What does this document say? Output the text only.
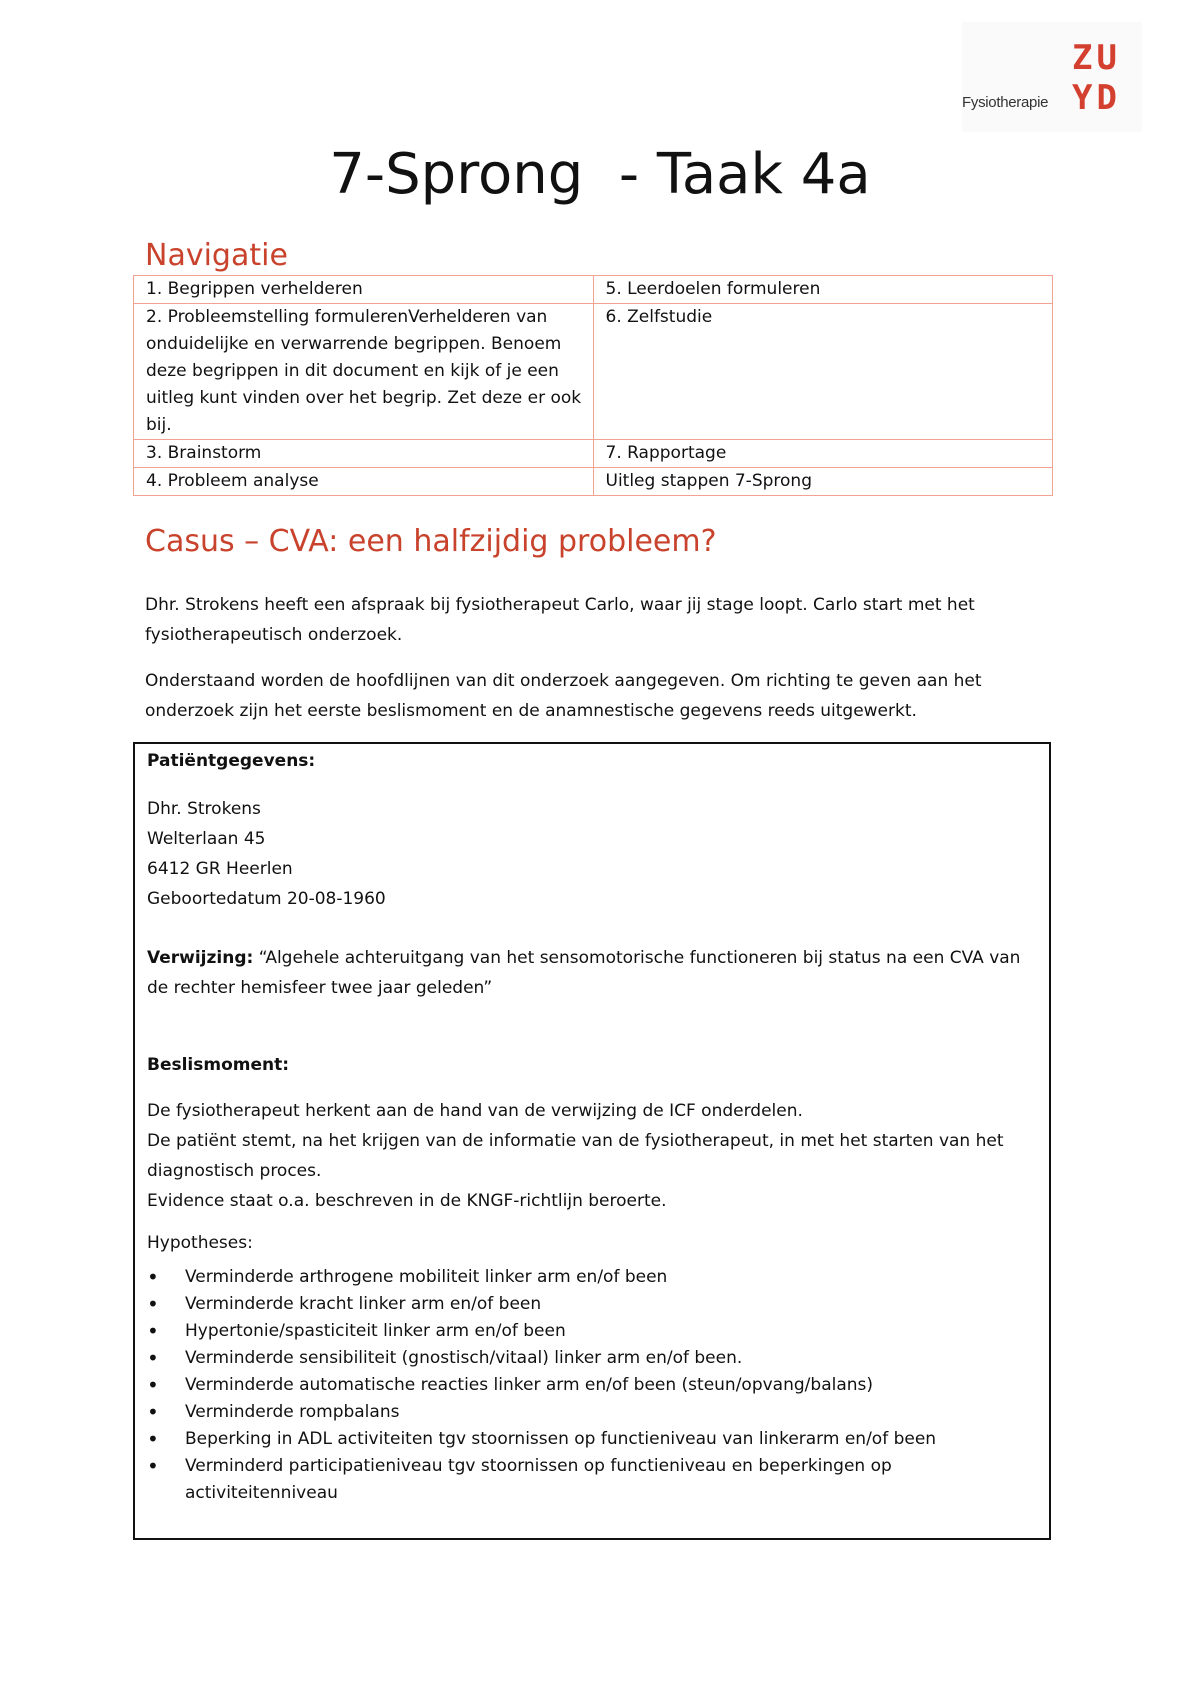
ZU
YD
Fysiotherapie
7-Sprong  - Taak 4a
Navigatie
1. Begrippen verhelderen	5. Leerdoelen formuleren
2. Probleemstelling formulerenVerhelderen van onduidelijke en verwarrende begrippen. Benoem deze begrippen in dit document en kijk of je een uitleg kunt vinden over het begrip. Zet deze er ook bij.	6. Zelfstudie
3. Brainstorm	7. Rapportage
4. Probleem analyse	Uitleg stappen 7-Sprong
Casus – CVA: een halfzijdig probleem?
Dhr. Strokens heeft een afspraak bij fysiotherapeut Carlo, waar jij stage loopt. Carlo start met het fysiotherapeutisch onderzoek.
Onderstaand worden de hoofdlijnen van dit onderzoek aangegeven. Om richting te geven aan het onderzoek zijn het eerste beslismoment en de anamnestische gegevens reeds uitgewerkt.
Patiëntgegevens:
Dhr. Strokens
Welterlaan 45
6412 GR Heerlen
Geboortedatum 20-08-1960
Verwijzing: “Algehele achteruitgang van het sensomotorische functioneren bij status na een CVA van de rechter hemisfeer twee jaar geleden”
Beslismoment:
De fysiotherapeut herkent aan de hand van de verwijzing de ICF onderdelen.
De patiënt stemt, na het krijgen van de informatie van de fysiotherapeut, in met het starten van het diagnostisch proces.
Evidence staat o.a. beschreven in de KNGF-richtlijn beroerte.
Hypotheses:
• Verminderde arthrogene mobiliteit linker arm en/of been
• Verminderde kracht linker arm en/of been
• Hypertonie/spasticiteit linker arm en/of been
• Verminderde sensibiliteit (gnostisch/vitaal) linker arm en/of been.
• Verminderde automatische reacties linker arm en/of been (steun/opvang/balans)
• Verminderde rompbalans
• Beperking in ADL activiteiten tgv stoornissen op functieniveau van linkerarm en/of been
• Verminderd participatieniveau tgv stoornissen op functieniveau en beperkingen op activiteitenniveau
